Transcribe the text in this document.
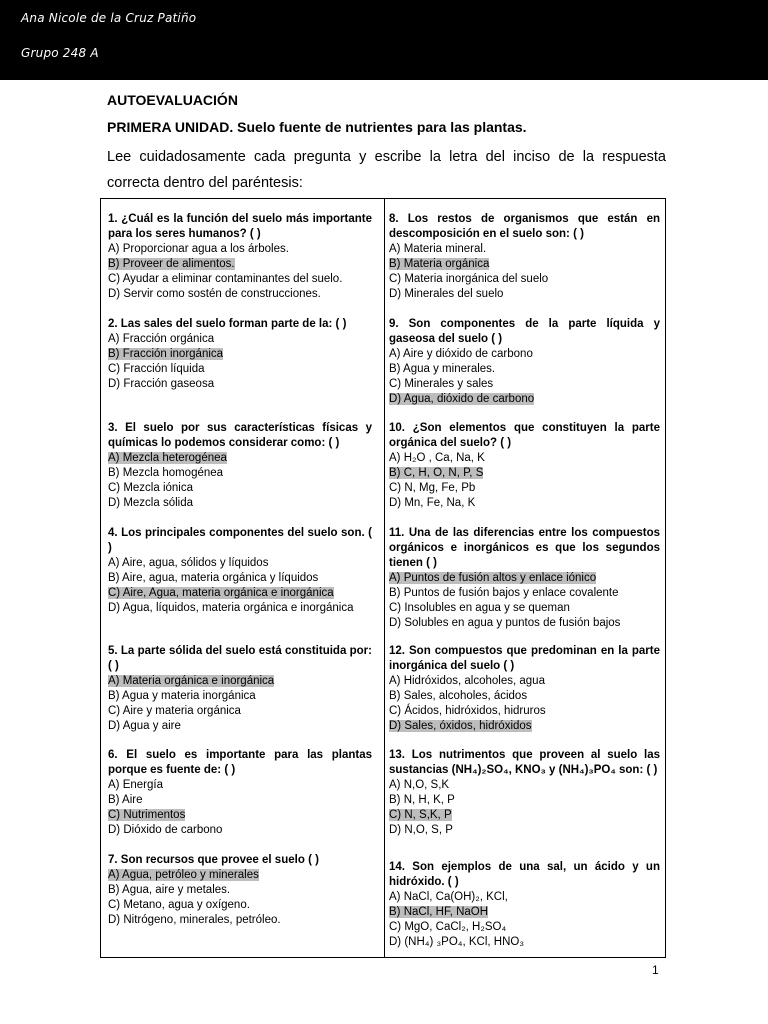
Ana Nicole de la Cruz Patiño
Grupo 248 A
AUTOEVALUACIÓN
PRIMERA UNIDAD. Suelo fuente de nutrientes para las plantas.
Lee cuidadosamente cada pregunta y escribe la letra del inciso de la respuesta correcta dentro del paréntesis:
1. ¿Cuál es la función del suelo más importante para los seres humanos? ( )
A) Proporcionar agua a los árboles.
B) Proveer de alimentos.
C) Ayudar a eliminar contaminantes del suelo.
D) Servir como sostén de construcciones.
2. Las sales del suelo forman parte de la: ( )
A) Fracción orgánica
B) Fracción inorgánica
C) Fracción líquida
D) Fracción gaseosa
3. El suelo por sus características físicas y químicas lo podemos considerar como: ( )
A) Mezcla heterogénea
B) Mezcla homogénea
C) Mezcla iónica
D) Mezcla sólida
4. Los principales componentes del suelo son. ( )
A) Aire, agua, sólidos y líquidos
B) Aire, agua, materia orgánica y líquidos
C) Aire, Agua, materia orgánica e inorgánica
D) Agua, líquidos, materia orgánica e inorgánica
5. La parte sólida del suelo está constituida por: ( )
A) Materia orgánica e inorgánica
B) Agua y materia inorgánica
C) Aire y materia orgánica
D) Agua y aire
6. El suelo es importante para las plantas porque es fuente de: ( )
A) Energía
B) Aire
C) Nutrimentos
D) Dióxido de carbono
7. Son recursos que provee el suelo ( )
A) Agua, petróleo y minerales
B) Agua, aire y metales.
C) Metano, agua y oxígeno.
D) Nitrógeno, minerales, petróleo.
8. Los restos de organismos que están en descomposición en el suelo son: ( )
A) Materia mineral.
B) Materia orgánica
C) Materia inorgánica del suelo
D) Minerales del suelo
9. Son componentes de la parte líquida y gaseosa del suelo ( )
A) Aire y dióxido de carbono
B) Agua y minerales.
C) Minerales y sales
D) Agua, dióxido de carbono
10. ¿Son elementos que constituyen la parte orgánica del suelo? ( )
A) H₂O , Ca, Na, K
B) C, H, O, N, P, S
C) N, Mg, Fe, Pb
D) Mn, Fe, Na, K
11. Una de las diferencias entre los compuestos orgánicos e inorgánicos es que los segundos tienen ( )
A) Puntos de fusión altos y enlace iónico
B) Puntos de fusión bajos y enlace covalente
C) Insolubles en agua y se queman
D) Solubles en agua y puntos de fusión bajos
12. Son compuestos que predominan en la parte inorgánica del suelo ( )
A) Hidróxidos, alcoholes, agua
B) Sales, alcoholes, ácidos
C) Ácidos, hidróxidos, hidruros
D) Sales, óxidos, hidróxidos
13. Los nutrimentos que proveen al suelo las sustancias (NH₄)₂SO₄, KNO₃ y (NH₄)₃PO₄ son: ( )
A) N,O, S,K
B) N, H, K, P
C) N, S,K, P
D) N,O, S, P
14. Son ejemplos de una sal, un ácido y un hidróxido. ( )
A) NaCl, Ca(OH)₂, KCl,
B) NaCl, HF, NaOH
C) MgO, CaCl₂, H₂SO₄
D) (NH₄) ₃PO₄, KCl, HNO₃
1
